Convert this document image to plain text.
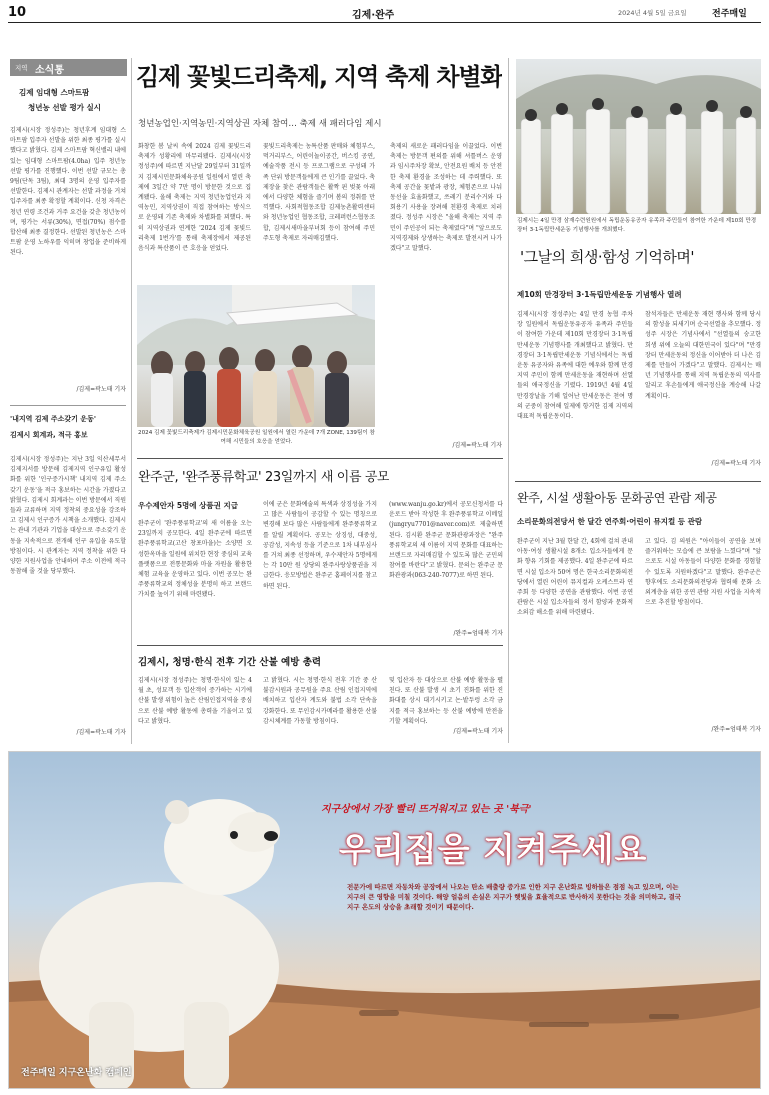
10	김제·완주	2024년 4월 5일 금요일	전주매일
지역 소식통
김제 임대형 스마트팜
청년농 선발 평가 실시
김제시(시장 정성주)는 청년후계 임대형 스마트팜 입주자 선발을 위한 최종 평가를 실시했다고 밝혔다. 김제 스마트팜 혁신밸리 내에 있는 임대형 스마트팜(4.0ha) 입주 청년농 선발 평가를 진행했다. 이번 선발 규모는 총 9팀(단독 3팀), 최대 3명의 운영 입주자를 선발한다. 김제시 관계자는 선발 과정을 거쳐 입주자를 최종 확정할 계획이다. 신청 자격은 청년 연령 조건과 거주 요건을 갖춘 청년농이며, 평가는 서류(30%), 면접(70%) 점수를 합산해 최종 결정한다. 선발된 청년농은 스마트팜 운영 노하우를 익히며 창업을 준비하게 된다.
/김제=곽노태 기자
'내지역 김제 주소갖기 운동'
김제시 회계과, 적극 홍보
김제시(시장 정성주)는 지난 3일 익산세무서 김제지서를 방문해 김제지역 인구유입 활성화를 위한 '인구증가시책' 내지역 김제 주소갖기 운동'을 적극 홍보하는 시간을 가졌다고 밝혔다. 김제시 회계과는 이번 방문에서 직원들과 교류하며 지역 정착의 중요성을 강조하고 김제시 인구증가 시책을 소개했다. 김제시는 관내 기관과 기업을 대상으로 주소갖기 운동을 지속적으로 전개해 인구 유입을 유도할 방침이다. 시 관계자는 지역 정착을 위한 다양한 지원사업을 안내하며 주소 이전에 적극 동참해 줄 것을 당부했다.
/김제=곽노태 기자
김제 꽃빛드리축제, 지역 축제 차별화
청년농업인·지역농민·지역상권 자체 참여… 축제 새 패러다임 제시
화창한 봄 날씨 속에 2024 김제 꽃빛드리축제가 성황리에 마무리됐다. 김제시(시장 정성주)에 따르면 지난달 29일부터 31일까지 김제시민문화체육공원 일원에서 열린 축제에 3일간 약 7만 명이 방문한 것으로 집계됐다. 올해 축제는 지역 청년농업인과 지역농민, 지역상권이 직접 참여하는 방식으로 운영돼 기존 축제와 차별화를 꾀했다. 특히 지역상권과 연계한 '2024 김제 꽃빛드리축제 1번가'를 통해 축제장에서 제공된 음식과 특산품이 큰 호응을 얻었다.
꽃빛드리축제는 농특산품 판매와 체험부스, 먹거리부스, 어린이놀이공간, 버스킹 공연, 예술작품 전시 등 프로그램으로 구성돼 가족 단위 방문객들에게 큰 인기를 끌었다. 축제장을 찾은 관람객들은 활짝 핀 벚꽃 아래에서 다양한 체험을 즐기며 봄의 정취를 만끽했다. 사회적협동조합 김제농촌활력센터와 청년농업인 협동조합, 크레퍼런스협동조합, 김제시새마을부녀회 등이 참여해 주민 주도형 축제로 자리매김했다.
축제의 새로운 패러다임을 이끌었다. 이번 축제는 방문객 편의를 위해 셔틀버스 운영과 임시주차장 확보, 안전요원 배치 등 안전한 축제 환경을 조성하는 데 주력했다. 또 축제 공간을 꽃밭과 광장, 체험존으로 나눠 동선을 효율화했고, 쓰레기 분리수거와 다회용기 사용을 장려해 친환경 축제로 치러졌다. 정성주 시장은 "올해 축제는 지역 주민이 주인공이 되는 축제였다"며 "앞으로도 지역경제와 상생하는 축제로 발전시켜 나가겠다"고 말했다.
/김제=곽노태 기자
2024 김제 꽃빛드리축제가 김제시민문화체육공원 일원에서 열린 가운데 7개 ZONE, 139팀이 참여해 시민들의 호응을 얻었다.
김제시는 4일 만경 삼재수련원원에서 독립운동유공자 유족과 주민들이 참여한 가운데 제10회 만경장터 3·1독립만세운동 기념행사를 개최했다.
'그날의 희생·함성 기억하며'
제10회 만경장터 3·1독립만세운동 기념행사 열려
김제시(시장 정성주)는 4일 만경 농협 주차장 일원에서 독립운동유공자 유족과 주민들이 참여한 가운데 제10회 만경장터 3·1독립만세운동 기념행사를 개최했다고 밝혔다. 만경장터 3·1독립만세운동 기념식에서는 독립운동 유공자와 유족에 대한 예우와 함께 만경 지역 주민이 함께 만세운동을 재현하며 선열들의 애국정신을 기렸다. 1919년 4월 4일 만경장날을 기해 일어난 만세운동은 천여 명의 군중이 참여해 일제에 항거한 김제 지역의 대표적 독립운동이다.
참석자들은 만세운동 재현 행사와 함께 당시의 함성을 되새기며 순국선열을 추모했다. 정성주 시장은 기념사에서 "선열들의 숭고한 희생 위에 오늘의 대한민국이 있다"며 "만경장터 만세운동의 정신을 이어받아 더 나은 김제를 만들어 가겠다"고 말했다. 김제시는 매년 기념행사를 통해 지역 독립운동의 역사를 알리고 후손들에게 애국정신을 계승해 나갈 계획이다.
/김제=곽노태 기자
완주군, '완주풍류학교' 23일까지 새 이름 공모
우수제안자 5명에 상품권 지급
완주군이 '완주풍류학교'의 새 이름을 오는 23일까지 공모한다. 4일 완주군에 따르면 완주풍류학교(고산 창포마을)는 소양면 오성한옥마을 일원에 위치한 현장 중심의 교육 플랫폼으로 전통문화와 마을 자원을 활용한 체험 교육을 운영하고 있다. 이번 공모는 완주풍류학교의 정체성을 분명히 하고 브랜드 가치를 높이기 위해 마련됐다.
이에 군은 문화예술의 특색과 상징성을 가지고 많은 사람들이 공감할 수 있는 명칭으로 변경해 보다 많은 사람들에게 완주풍류학교를 알릴 계획이다. 공모는 상징성, 대중성, 공감성, 지속성 등을 기준으로 1차 내부심사를 거쳐 최종 선정하며, 우수제안자 5명에게는 각 10만 원 상당의 완주사랑상품권을 지급한다. 응모방법은 완주군 홈페이지를 참고하면 된다.
(www.wanju.go.kr)에서 공모신청서를 다운로드 받아 작성한 후 완주풍류학교 이메일(jungryu7701@naver.com)로 제출하면 된다. 김시환 완주군 문화관광과장은 "완주풍류학교의 새 이름이 지역 문화를 대표하는 브랜드로 자리매김할 수 있도록 많은 군민의 참여를 바란다"고 밝혔다. 문의는 완주군 문화관광과(063-240-7077)로 하면 된다.
/완주=엄태복 기자
김제시, 청명·한식 전후 기간 산불 예방 총력
김제시(시장 정성주)는 청명·한식이 있는 4월 초, 성묘객 등 입산객이 증가하는 시기에 산불 발생 위험이 높은 산림인접지역을 중심으로 산불 예방 활동에 총력을 기울이고 있다고 밝혔다.
고 밝혔다. 시는 청명·한식 전후 기간 중 산불감시원과 공무원을 주요 산림 인접지역에 배치하고 입산자 계도와 불법 소각 단속을 강화한다. 또 무인감시카메라를 활용한 산불 감시체계를 가동할 방침이다.
및 입산자 등 대상으로 산불 예방 활동을 펼친다. 또 산불 발생 시 초기 진화를 위한 진화대를 상시 대기시키고 논·밭두렁 소각 금지를 적극 홍보하는 등 산불 예방에 만전을 기할 계획이다.
/김제=곽노태 기자
완주, 시설 생활아동 문화공연 관람 제공
소리문화의전당서 한 달간 연주회·어린이 뮤지컬 등 관람
완주군이 지난 3월 한달 간, 4회에 걸쳐 관내 아동·여성 생활시설 8개소 입소자들에게 문화 향유 기회를 제공했다. 4일 완주군에 따르면 시설 입소자 50여 명은 한국소리문화의전당에서 열린 어린이 뮤지컬과 오케스트라 연주회 등 다양한 공연을 관람했다. 이번 공연 관람은 시설 입소자들의 정서 함양과 문화적 소외감 해소를 위해 마련됐다.
고 있다. 김 의원은 "아이들이 공연을 보며 즐거워하는 모습에 큰 보람을 느꼈다"며 "앞으로도 시설 아동들이 다양한 문화를 경험할 수 있도록 지원하겠다"고 말했다. 완주군은 향후에도 소리문화의전당과 협력해 문화 소외계층을 위한 공연 관람 지원 사업을 지속적으로 추진할 방침이다.
/완주=엄태복 기자
지구상에서 가장 빨리 뜨거워지고 있는 곳 '북극'
우리집을 지켜주세요
전문가에 따르면 자동차와 공장에서 나오는 탄소 배출량 증가로 인한 지구 온난화로 빙하들은 점점 녹고 있으며, 이는 지구의 큰 영향을 미칠 것이다. 해양 얼음의 손실은 지구가 햇빛을 효율적으로 반사하지 못한다는 것을 의미하고, 결국 지구 온도의 상승을 초래할 것이기 때문이다.
전주매일 지구온난화 캠페인
